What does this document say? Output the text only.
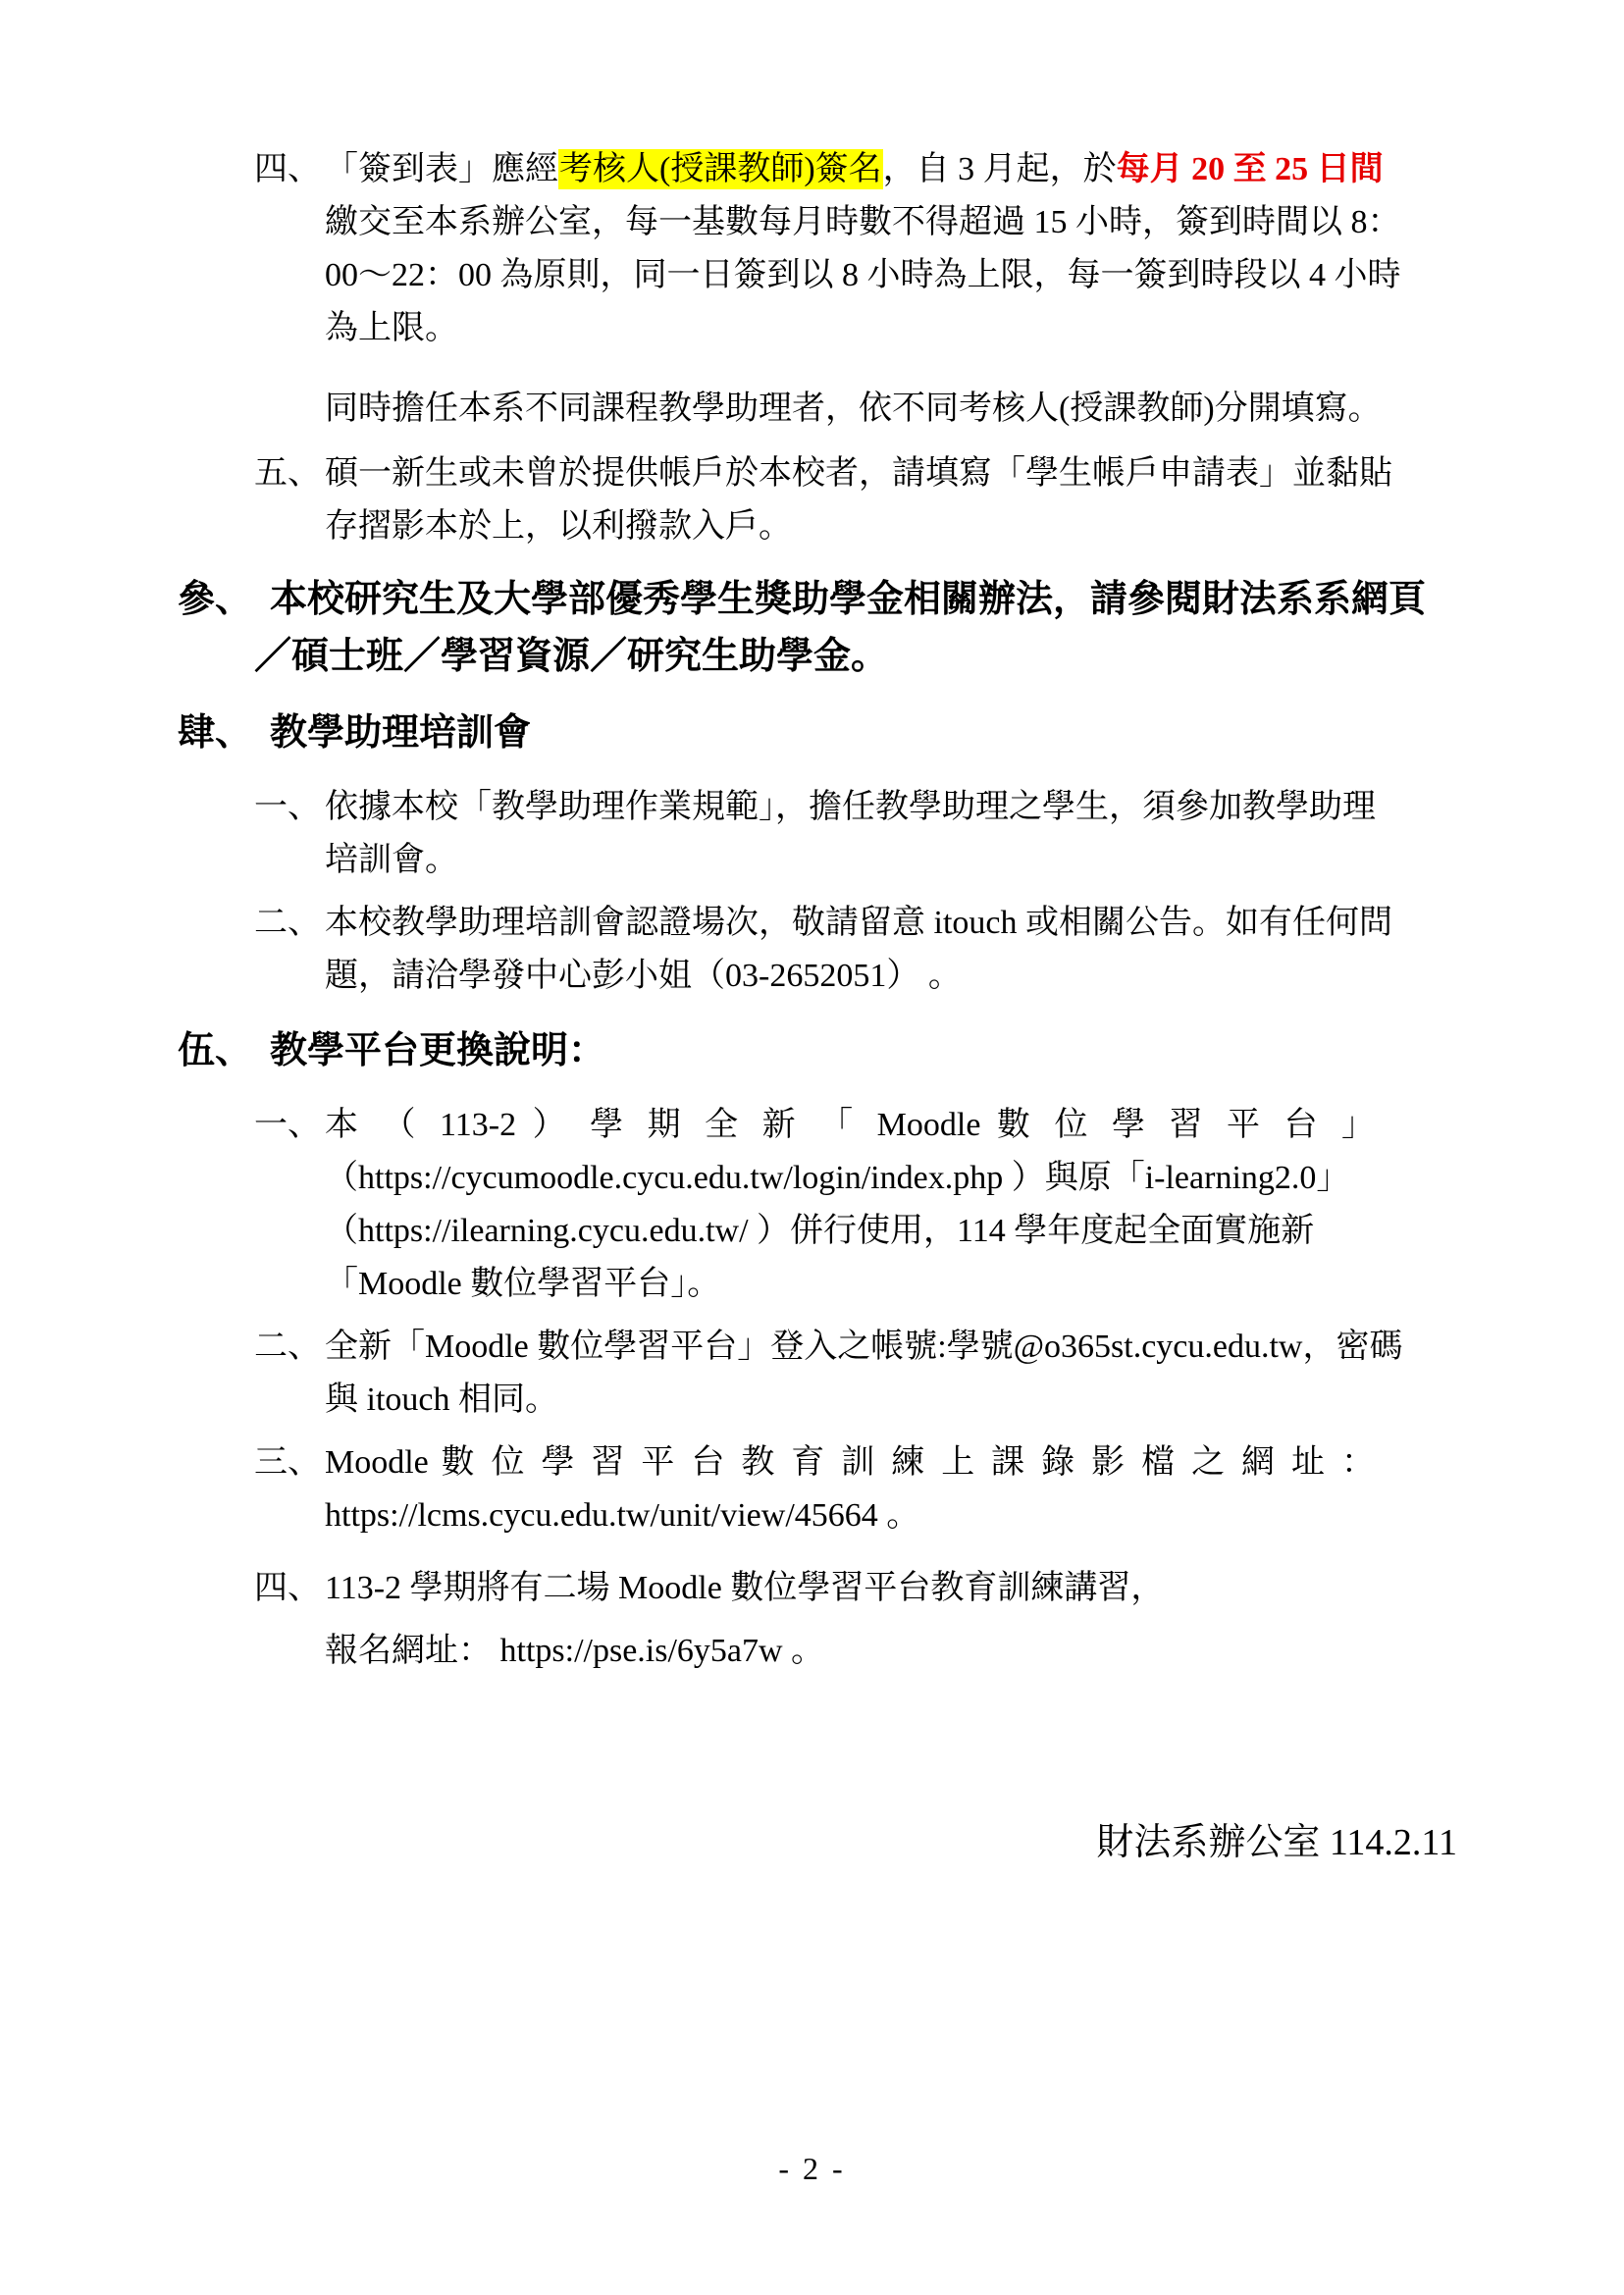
四、 「簽到表」應經考核人(授課教師)簽名，自 3 月起，於每月 20 至 25 日間
繳交至本系辦公室，每一基數每月時數不得超過 15 小時，簽到時間以 8：
00～22：00 為原則，同一日簽到以 8 小時為上限，每一簽到時段以 4 小時
為上限。
同時擔任本系不同課程教學助理者，依不同考核人(授課教師)分開填寫。
五、 碩一新生或未曾於提供帳戶於本校者，請填寫「學生帳戶申請表」並黏貼
存摺影本於上，以利撥款入戶。
參、 本校研究生及大學部優秀學生獎助學金相關辦法，請參閱財法系系網頁
／碩士班／學習資源／研究生助學金。
肆、 教學助理培訓會
一、 依據本校「教學助理作業規範」，擔任教學助理之學生，須參加教學助理
培訓會。
二、 本校教學助理培訓會認證場次，敬請留意 itouch 或相關公告。如有任何問
題，請洽學發中心彭小姐（03-2652051） 。
伍、 教學平台更換說明：
一、 本 （ 113-2 ） 學 期 全 新 「 Moodle 數 位 學 習 平 台 」
（https://cycumoodle.cycu.edu.tw/login/index.php ）與原「i-learning2.0」
（https://ilearning.cycu.edu.tw/ ）併行使用，114 學年度起全面實施新
「Moodle 數位學習平台」。
二、 全新「Moodle 數位學習平台」登入之帳號:學號@o365st.cycu.edu.tw，密碼
與 itouch 相同。
三、 Moodle 數 位 學 習 平 台 教 育 訓 練 上 課 錄 影 檔 之 網 址 ：
https://lcms.cycu.edu.tw/unit/view/45664 。
四、 113-2 學期將有二場 Moodle 數位學習平台教育訓練講習，
報名網址： https://pse.is/6y5a7w 。
財法系辦公室 114.2.11
- 2 -
